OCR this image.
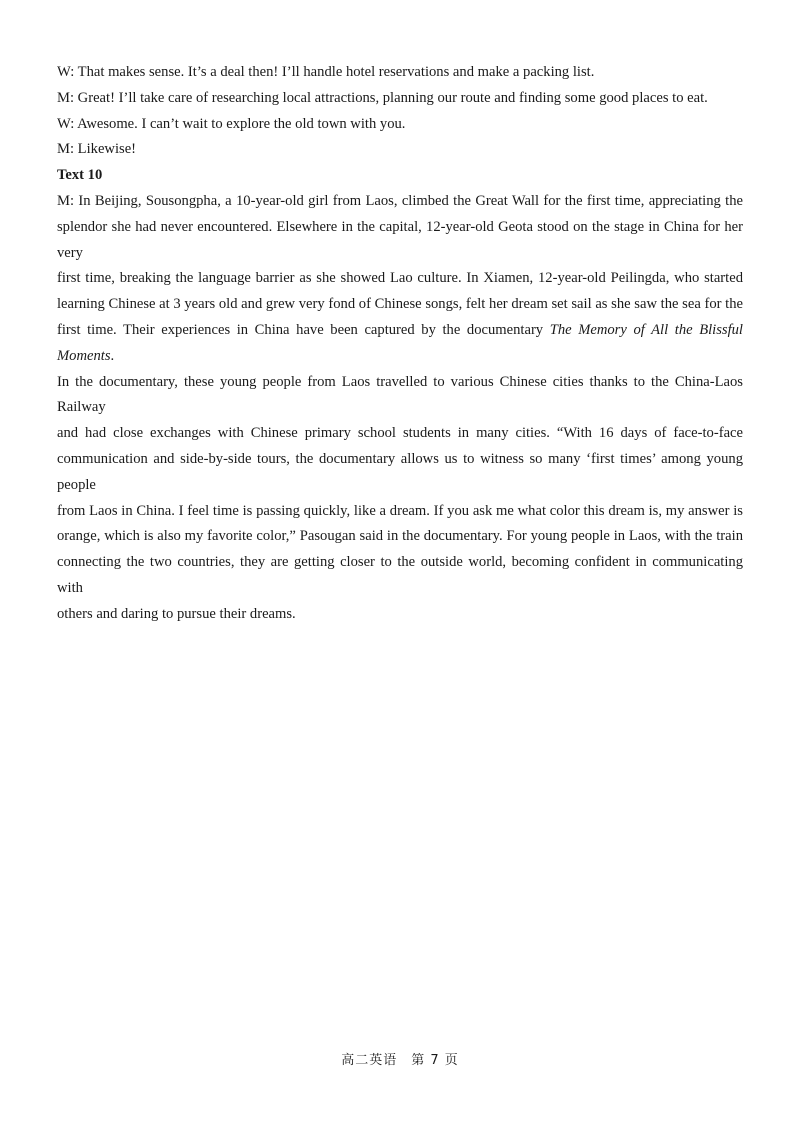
W: That makes sense. It’s a deal then! I’ll handle hotel reservations and make a packing list.

M: Great! I’ll take care of researching local attractions, planning our route and finding some good places to eat.

W: Awesome. I can’t wait to explore the old town with you.

M: Likewise!

Text 10

M: In Beijing, Sousongpha, a 10-year-old girl from Laos, climbed the Great Wall for the first time, appreciating the
splendor she had never encountered. Elsewhere in the capital, 12-year-old Geota stood on the stage in China for her very
first time, breaking the language barrier as she showed Lao culture. In Xiamen, 12-year-old Peilingda, who started
learning Chinese at 3 years old and grew very fond of Chinese songs, felt her dream set sail as she saw the sea for the
first time. Their experiences in China have been captured by the documentary The Memory of All the Blissful Moments.
In the documentary, these young people from Laos travelled to various Chinese cities thanks to the China-Laos Railway
and had close exchanges with Chinese primary school students in many cities. “With 16 days of face-to-face
communication and side-by-side tours, the documentary allows us to witness so many ‘first times’ among young people
from Laos in China. I feel time is passing quickly, like a dream. If you ask me what color this dream is, my answer is
orange, which is also my favorite color,” Pasougan said in the documentary. For young people in Laos, with the train
connecting the two countries, they are getting closer to the outside world, becoming confident in communicating with
others and daring to pursue their dreams.
高二英语　第 7 页
